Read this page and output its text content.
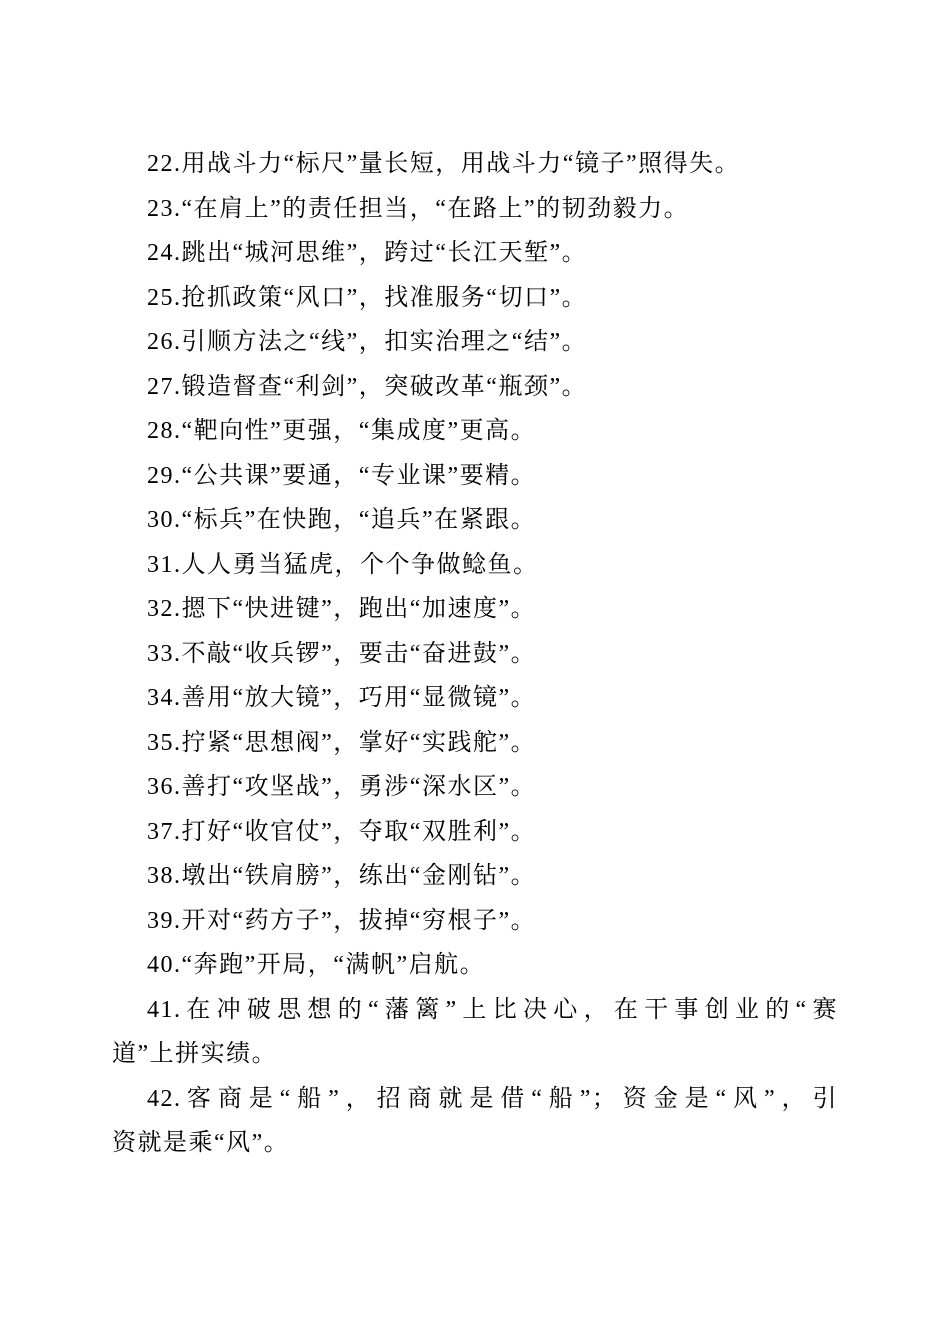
22.用战斗力“标尺”量长短，用战斗力“镜子”照得失。

23.“在肩上”的责任担当，“在路上”的韧劲毅力。

24.跳出“城河思维”，跨过“长江天堑”。

25.抢抓政策“风口”，找准服务“切口”。

26.引顺方法之“线”，扣实治理之“结”。

27.锻造督查“利剑”，突破改革“瓶颈”。

28.“靶向性”更强，“集成度”更高。

29.“公共课”要通，“专业课”要精。

30.“标兵”在快跑，“追兵”在紧跟。

31.人人勇当猛虎，个个争做鲶鱼。

32.摁下“快进键”，跑出“加速度”。

33.不敲“收兵锣”，要击“奋进鼓”。

34.善用“放大镜”，巧用“显微镜”。

35.拧紧“思想阀”，掌好“实践舵”。

36.善打“攻坚战”，勇涉“深水区”。

37.打好“收官仗”，夺取“双胜利”。

38.墩出“铁肩膀”，练出“金刚钻”。

39.开对“药方子”，拔掉“穷根子”。

40.“奔跑”开局，“满帆”启航。

41.在冲破思想的“藩篱”上比决心，在干事创业的“赛

道”上拼实绩。

42.客商是“船”，招商就是借“船”；资金是“风”，引

资就是乘“风”。
